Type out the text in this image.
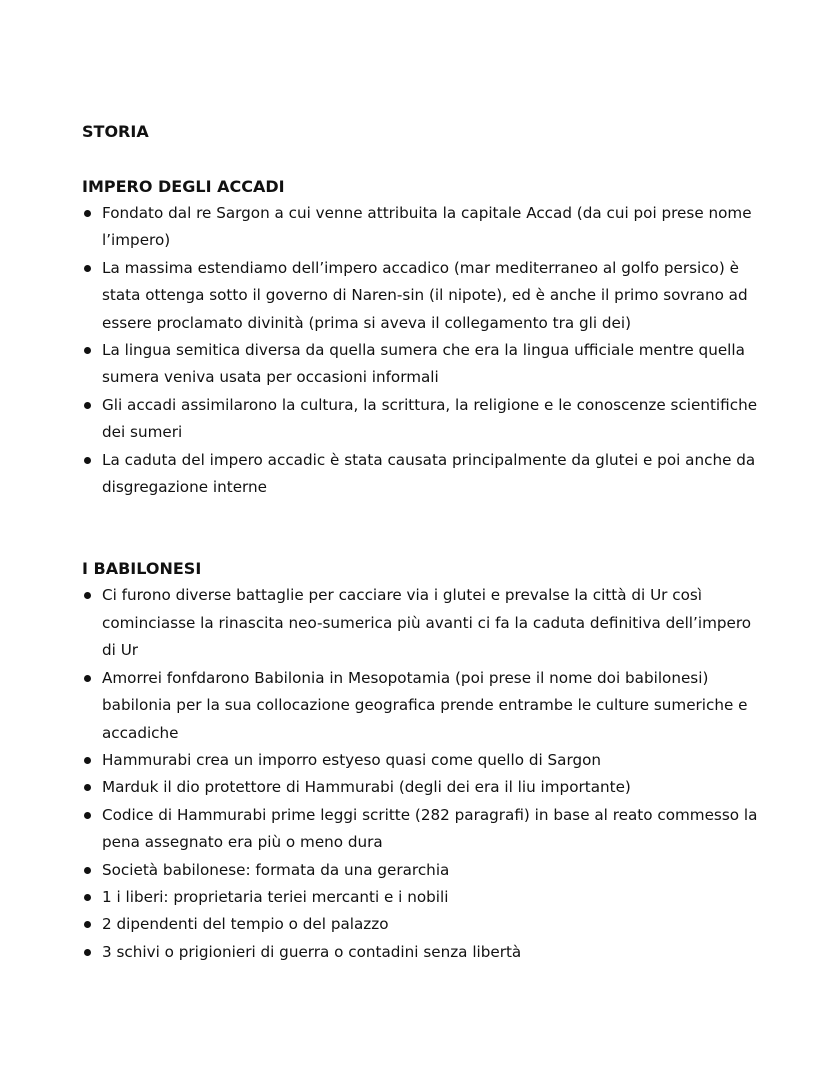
STORIA
IMPERO DEGLI ACCADI
Fondato dal re Sargon a cui venne attribuita la capitale Accad (da cui poi prese nome l’impero)
La massima estendiamo dell’impero accadico (mar mediterraneo al golfo persico) è stata ottenga sotto il governo di Naren-sin (il nipote), ed è anche il primo sovrano ad essere proclamato divinità (prima si aveva il collegamento tra gli dei)
La lingua semitica diversa da quella sumera che era la lingua ufficiale mentre quella sumera veniva usata per occasioni informali
Gli accadi assimilarono la cultura, la scrittura, la religione e le conoscenze scientifiche dei sumeri
La caduta del impero accadic è stata causata principalmente da glutei e poi anche da disgregazione interne
I BABILONESI
Ci furono diverse battaglie per cacciare via i glutei e prevalse la città di Ur così cominciasse la rinascita neo-sumerica più avanti ci fa la caduta definitiva dell’impero di Ur
Amorrei fonfdarono Babilonia in Mesopotamia (poi prese il nome doi babilonesi) babilonia per la sua collocazione geografica prende entrambe le culture sumeriche e accadiche
Hammurabi crea un imporro estyeso quasi come quello di Sargon
Marduk il dio protettore di Hammurabi (degli dei era il liu importante)
Codice di Hammurabi prime leggi scritte (282 paragrafi) in base al reato commesso la pena assegnato era più o meno dura
Società babilonese: formata da una gerarchia
1 i liberi: proprietaria teriei mercanti e i nobili
2 dipendenti del tempio o del palazzo
3 schivi o prigionieri di guerra o contadini senza libertà
